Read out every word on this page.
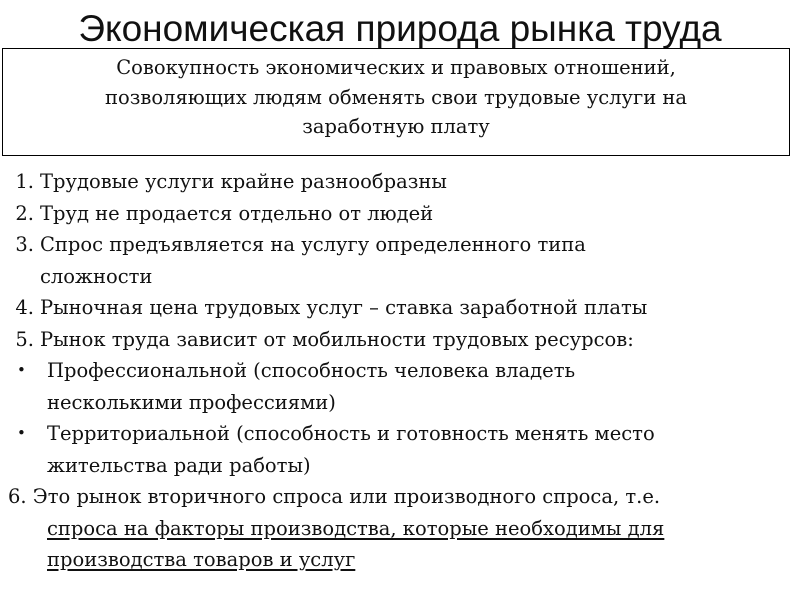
Экономическая природа рынка труда
Совокупность экономических и правовых отношений,
позволяющих людям обменять свои трудовые услуги на
заработную плату
1. Трудовые услуги крайне разнообразны
2. Труд не продается отдельно от людей
3. Спрос предъявляется на услугу определенного типа
сложности
4. Рыночная цена трудовых услуг – ставка заработной платы
5. Рынок труда зависит от мобильности трудовых ресурсов:
• Профессиональной (способность человека владеть
несколькими профессиями)
• Территориальной (способность и готовность менять место
жительства ради работы)
6. Это рынок вторичного спроса или производного спроса, т.е.
спроса на факторы производства, которые необходимы для
производства товаров и услуг
